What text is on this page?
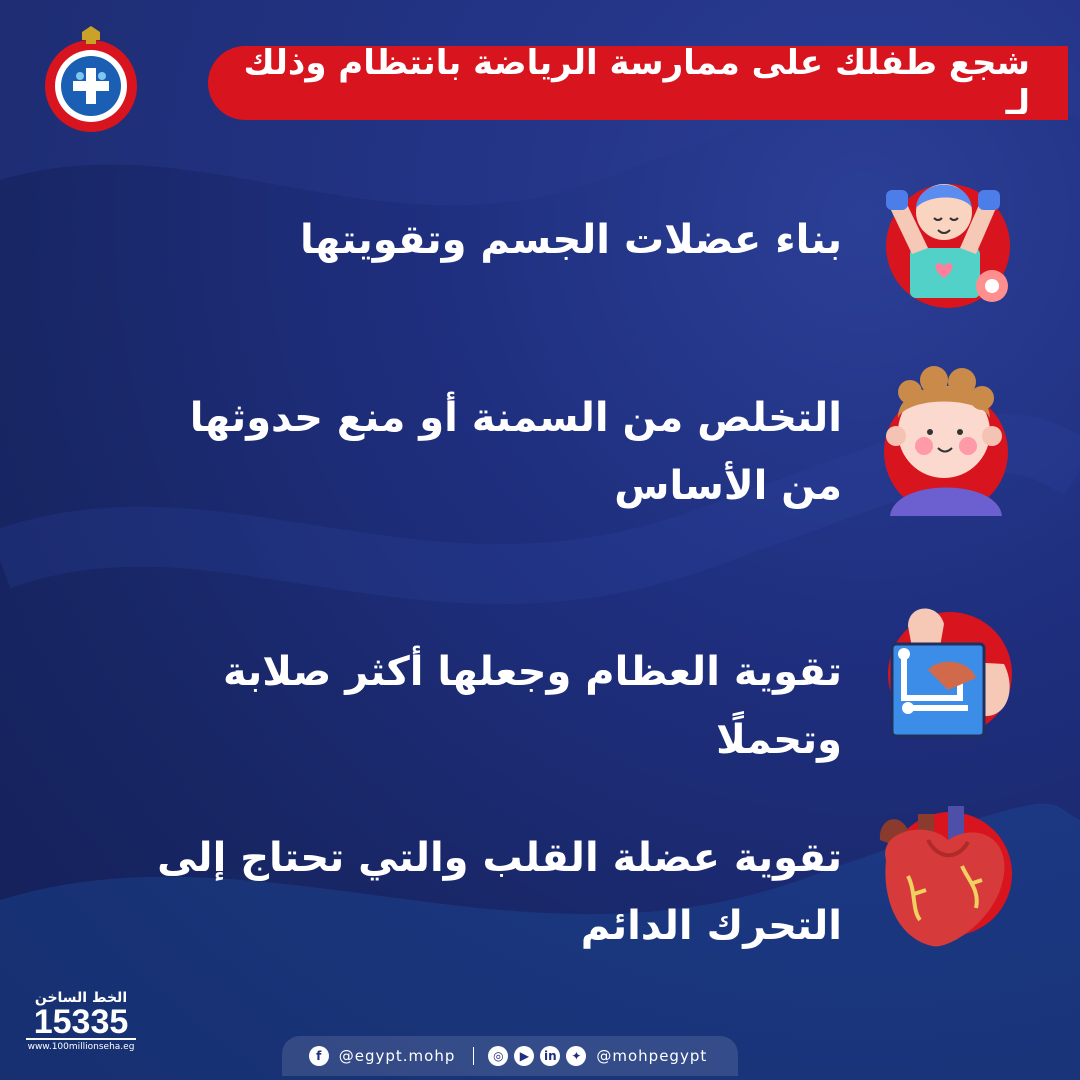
شجع طفلك على ممارسة الرياضة بانتظام وذلك لـ
بناء عضلات الجسم وتقويتها
التخلص من السمنة أو منع حدوثها من الأساس
تقوية العظام وجعلها أكثر صلابة وتحملًا
تقوية عضلة القلب والتي تحتاج إلى التحرك الدائم
الخط الساخن
15335
www.100millionseha.eg
f	@egypt.mohp	◎	▶	in	✦ @mohpegypt
